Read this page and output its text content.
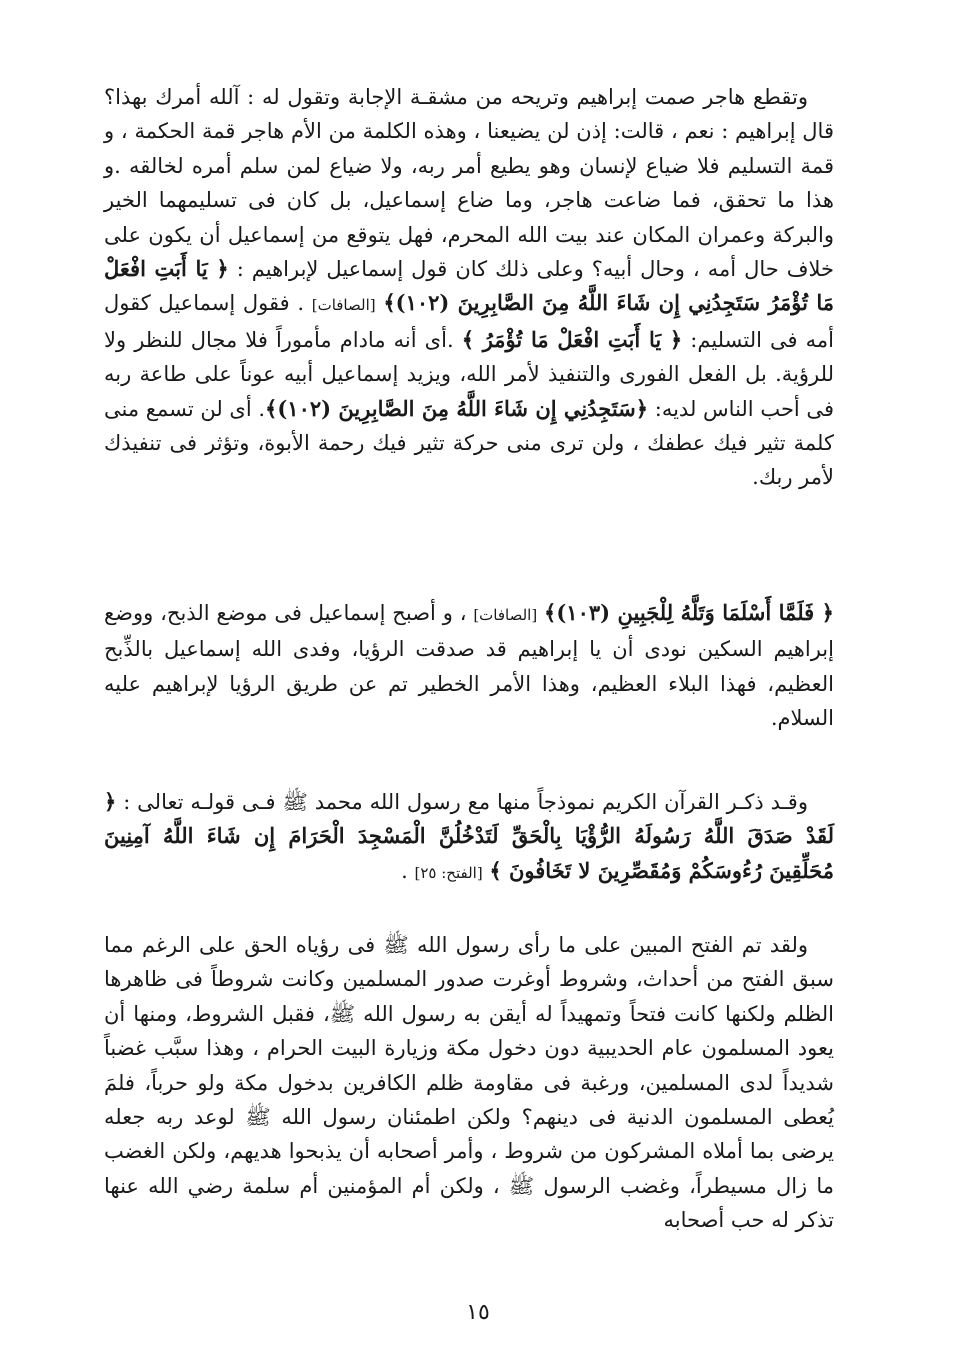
وتقطع هاجر صمت إبراهيم وتريحه من مشقـة الإجابة وتقول له : آلله أمرك بهذا؟ قال إبراهيم : نعم ، قالت: إذن لن يضيعنا ، وهذه الكلمة من الأم هاجر قمة الحكمة ، و قمة التسليم فلا ضياع لإنسان وهو يطيع أمر ربه، ولا ضياع لمن سلم أمره لخالقه .و هذا ما تحقق، فما ضاعت هاجر، وما ضاع إسماعيل، بل كان فى تسليمهما الخير والبركة وعمران المكان عند بيت الله المحرم، فهل يتوقع من إسماعيل أن يكون على خلاف حال أمه ، وحال أبيه؟ وعلى ذلك كان قول إسماعيل لإبراهيم : ﴿ يَا أَبَتِ افْعَلْ مَا تُؤْمَرُ سَتَجِدُنِي إِن شَاءَ اللَّهُ مِنَ الصَّابِرِينَ (١٠٢)﴾ [الصافات] . فقول إسماعيل كقول أمه فى التسليم: ﴿ يَا أَبَتِ افْعَلْ مَا تُؤْمَرُ ﴾ .أى أنه مادام مأموراً فلا مجال للنظر ولا للرؤية. بل الفعل الفورى والتنفيذ لأمر الله، ويزيد إسماعيل أبيه عوناً على طاعة ربه فى أحب الناس لديه: ﴿سَتَجِدُنِي إِن شَاءَ اللَّهُ مِنَ الصَّابِرِينَ (١٠٢)﴾. أى لن تسمع منى كلمة تثير فيك عطفك ، ولن ترى منى حركة تثير فيك رحمة الأبوة، وتؤثر فى تنفيذك لأمر ربك.
﴿ فَلَمَّا أَسْلَمَا وَتَلَّهُ لِلْجَبِينِ (١٠٣)﴾ [الصافات] ، و أصبح إسماعيل فى موضع الذبح، ووضع إبراهيم السكين نودى أن يا إبراهيم قد صدقت الرؤيا، وفدى الله إسماعيل بالذِّبح العظيم، فهذا البلاء العظيم، وهذا الأمر الخطير تم عن طريق الرؤيا لإبراهيم عليه السلام.
وقـد ذكـر القرآن الكريم نموذجاً منها مع رسول الله محمد ﷺ فـى قولـه تعالى : ﴿ لَقَدْ صَدَقَ اللَّهُ رَسُولَهُ الرُّؤْيَا بِالْحَقِّ لَتَدْخُلُنَّ الْمَسْجِدَ الْحَرَامَ إِن شَاءَ اللَّهُ آمِنِينَ مُحَلِّقِينَ رُءُوسَكُمْ وَمُقَصِّرِينَ لا تَخَافُونَ ﴾ [الفتح: ٢٥] .
ولقد تم الفتح المبين على ما رأى رسول الله ﷺ فى رؤياه الحق على الرغم مما سبق الفتح من أحداث، وشروط أوغرت صدور المسلمين وكانت شروطاً فى ظاهرها الظلم ولكنها كانت فتحاً وتمهيداً له أيقن به رسول الله ﷺ، فقبل الشروط، ومنها أن يعود المسلمون عام الحديبية دون دخول مكة وزيارة البيت الحرام ، وهذا سبَّب غضباً شديداً لدى المسلمين، ورغبة فى مقاومة ظلم الكافرين بدخول مكة ولو حرباً، فلمَ يُعطى المسلمون الدنية فى دينهم؟ ولكن اطمئنان رسول الله ﷺ لوعد ربه جعله يرضى بما أملاه المشركون من شروط ، وأمر أصحابه أن يذبحوا هديهم، ولكن الغضب ما زال مسيطراً، وغضب الرسول ﷺ ، ولكن أم المؤمنين أم سلمة رضي الله عنها تذكر له حب أصحابه
١٥
